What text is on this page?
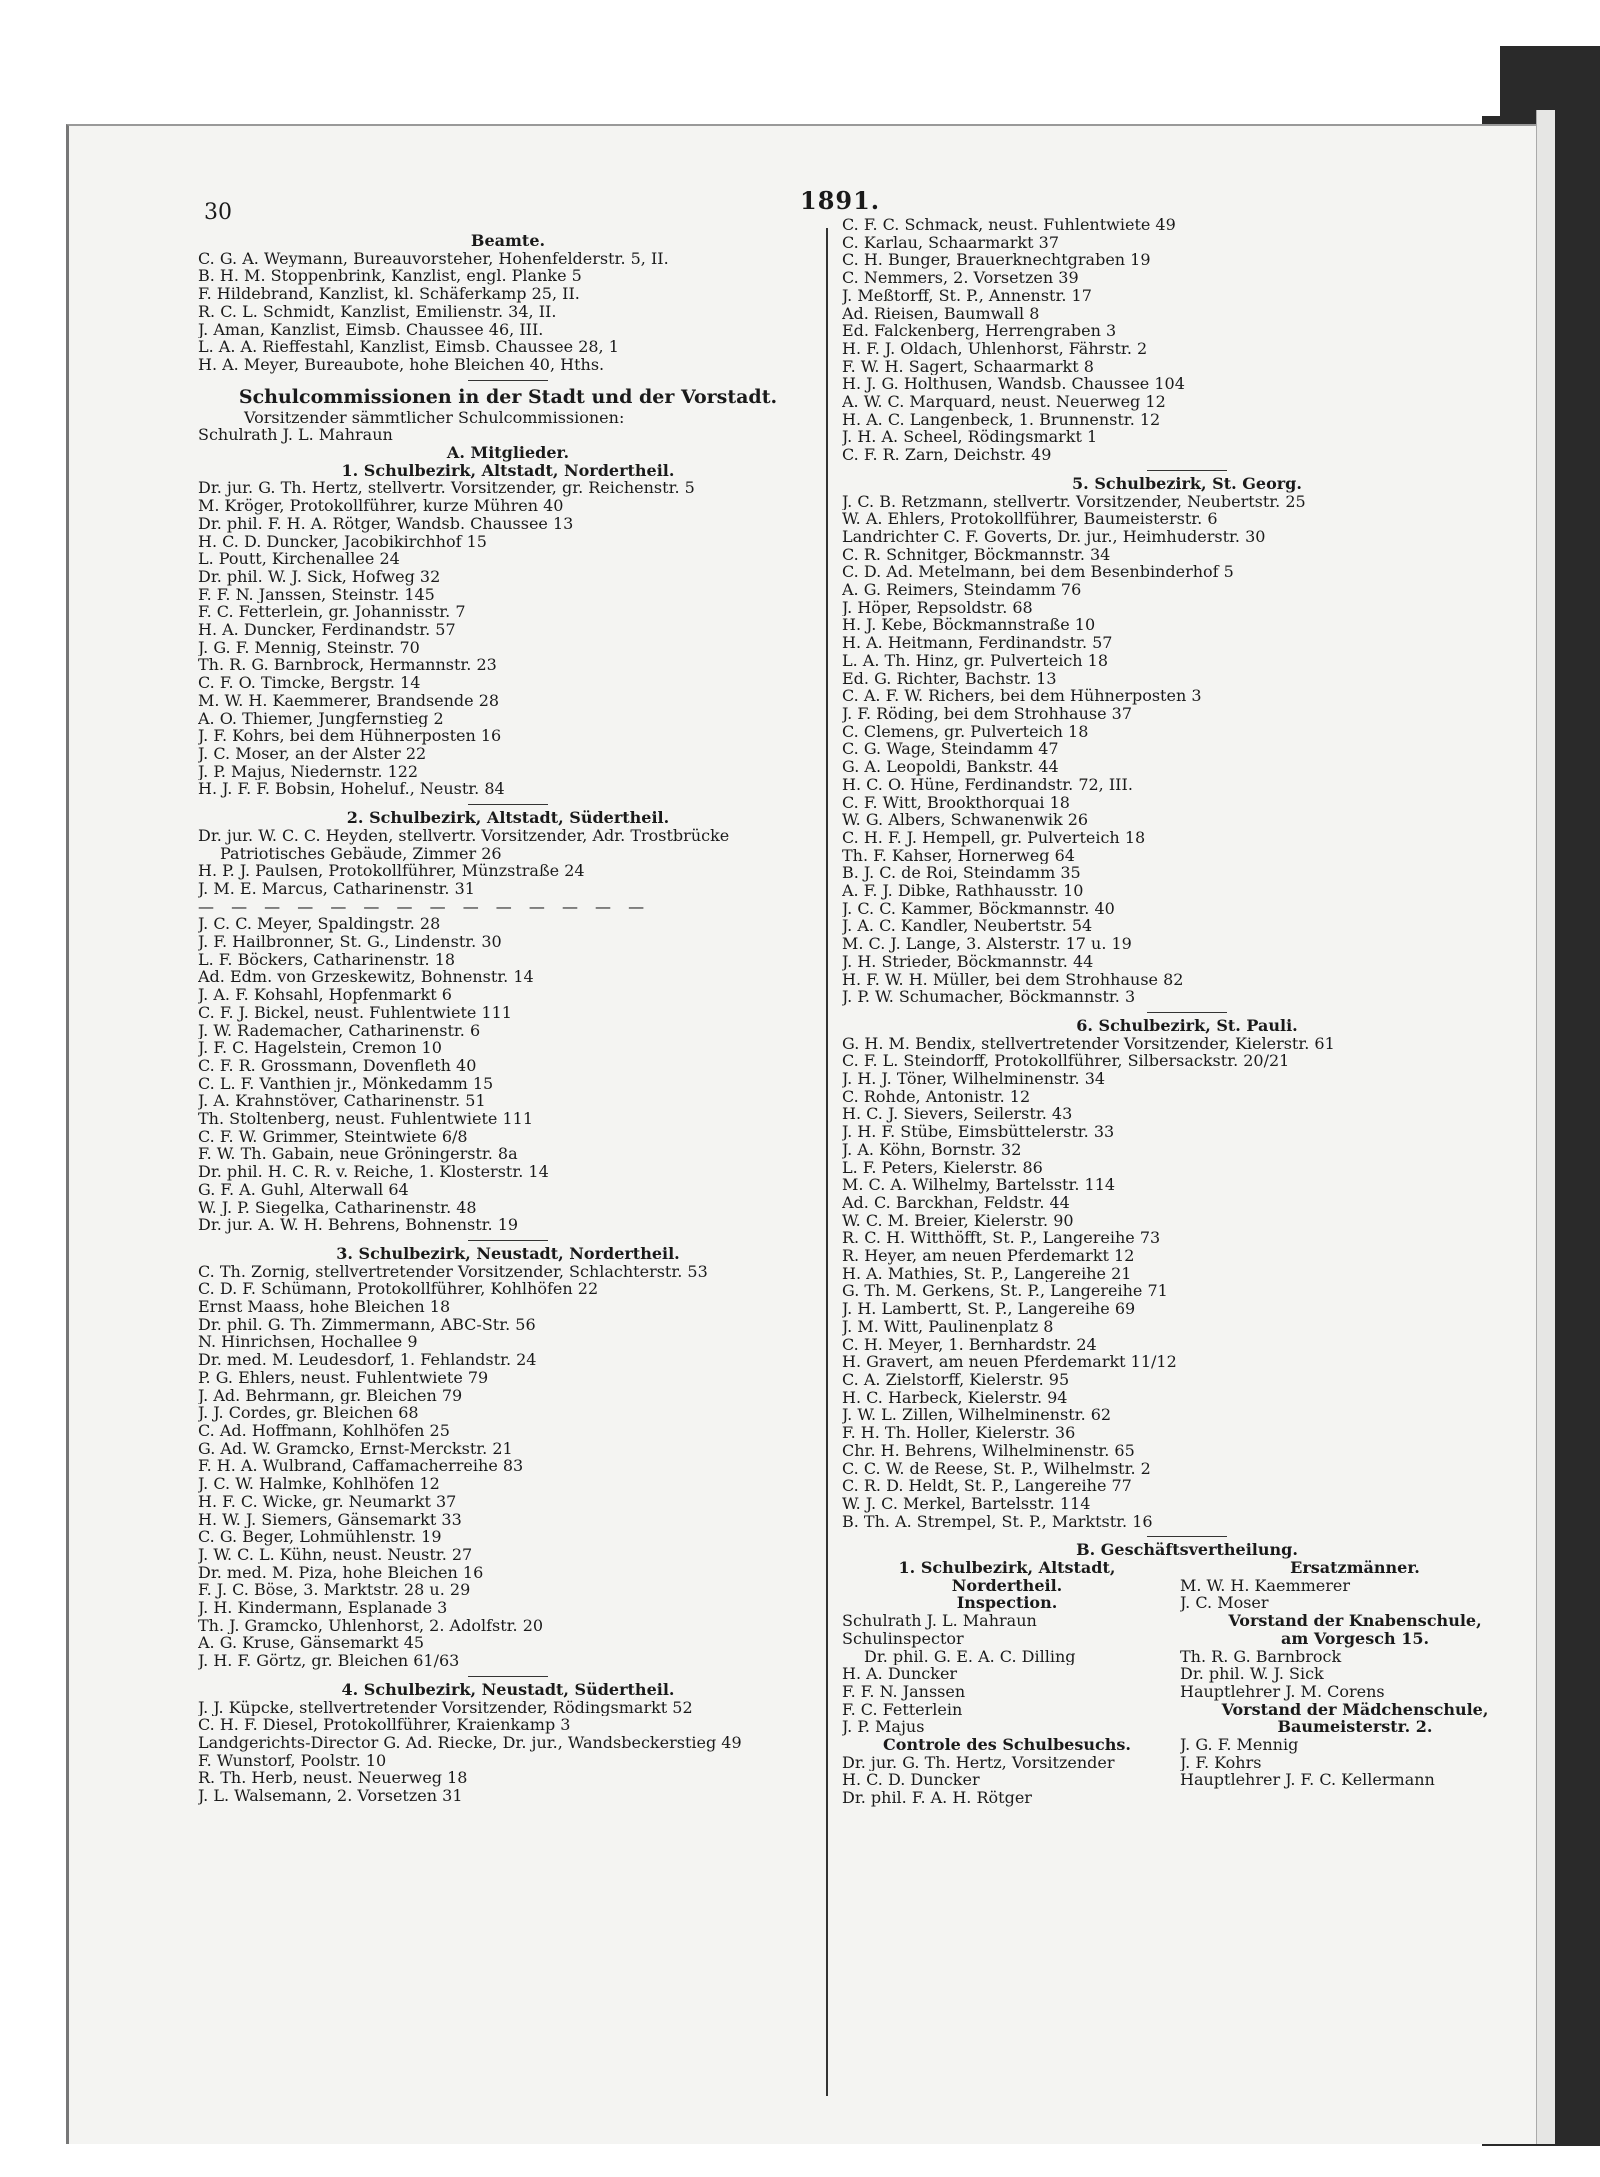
30	1891.
Beamte.
C. G. A. Weymann, Bureauvorsteher, Hohenfelderstr. 5, II.
B. H. M. Stoppenbrink, Kanzlist, engl. Planke 5
F. Hildebrand, Kanzlist, kl. Schäferkamp 25, II.
R. C. L. Schmidt, Kanzlist, Emilienstr. 34, II.
J. Aman, Kanzlist, Eimsb. Chaussee 46, III.
L. A. A. Rieffestahl, Kanzlist, Eimsb. Chaussee 28, 1
H. A. Meyer, Bureaubote, hohe Bleichen 40, Hths.
Schulcommissionen in der Stadt und der Vorstadt.
Vorsitzender sämmtlicher Schulcommissionen:
Schulrath J. L. Mahraun
A. Mitglieder.
1. Schulbezirk, Altstadt, Nordertheil.
Dr. jur. G. Th. Hertz, stellvertr. Vorsitzender, gr. Reichenstr. 5
M. Kröger, Protokollführer, kurze Mühren 40
Dr. phil. F. H. A. Rötger, Wandsb. Chaussee 13
H. C. D. Duncker, Jacobikirchhof 15
L. Poutt, Kirchenallee 24
Dr. phil. W. J. Sick, Hofweg 32
F. F. N. Janssen, Steinstr. 145
F. C. Fetterlein, gr. Johannisstr. 7
H. A. Duncker, Ferdinandstr. 57
J. G. F. Mennig, Steinstr. 70
Th. R. G. Barnbrock, Hermannstr. 23
C. F. O. Timcke, Bergstr. 14
M. W. H. Kaemmerer, Brandsende 28
A. O. Thiemer, Jungfernstieg 2
J. F. Kohrs, bei dem Hühnerposten 16
J. C. Moser, an der Alster 22
J. P. Majus, Niedernstr. 122
H. J. F. F. Bobsin, Hoheluf., Neustr. 84
2. Schulbezirk, Altstadt, Südertheil.
Dr. jur. W. C. C. Heyden, stellvertr. Vorsitzender, Adr. Trostbrücke
Patriotisches Gebäude, Zimmer 26
H. P. J. Paulsen, Protokollführer, Münzstraße 24
J. M. E. Marcus, Catharinenstr. 31
— — — — — — — — — — — — — —
J. C. C. Meyer, Spaldingstr. 28
J. F. Hailbronner, St. G., Lindenstr. 30
L. F. Böckers, Catharinenstr. 18
Ad. Edm. von Grzeskewitz, Bohnenstr. 14
J. A. F. Kohsahl, Hopfenmarkt 6
C. F. J. Bickel, neust. Fuhlentwiete 111
J. W. Rademacher, Catharinenstr. 6
J. F. C. Hagelstein, Cremon 10
C. F. R. Grossmann, Dovenfleth 40
C. L. F. Vanthien jr., Mönkedamm 15
J. A. Krahnstöver, Catharinenstr. 51
Th. Stoltenberg, neust. Fuhlentwiete 111
C. F. W. Grimmer, Steintwiete 6/8
F. W. Th. Gabain, neue Gröningerstr. 8a
Dr. phil. H. C. R. v. Reiche, 1. Klosterstr. 14
G. F. A. Guhl, Alterwall 64
W. J. P. Siegelka, Catharinenstr. 48
Dr. jur. A. W. H. Behrens, Bohnenstr. 19
3. Schulbezirk, Neustadt, Nordertheil.
C. Th. Zornig, stellvertretender Vorsitzender, Schlachterstr. 53
C. D. F. Schümann, Protokollführer, Kohlhöfen 22
Ernst Maass, hohe Bleichen 18
Dr. phil. G. Th. Zimmermann, ABC-Str. 56
N. Hinrichsen, Hochallee 9
Dr. med. M. Leudesdorf, 1. Fehlandstr. 24
P. G. Ehlers, neust. Fuhlentwiete 79
J. Ad. Behrmann, gr. Bleichen 79
J. J. Cordes, gr. Bleichen 68
C. Ad. Hoffmann, Kohlhöfen 25
G. Ad. W. Gramcko, Ernst-Merckstr. 21
F. H. A. Wulbrand, Caffamacherreihe 83
J. C. W. Halmke, Kohlhöfen 12
H. F. C. Wicke, gr. Neumarkt 37
H. W. J. Siemers, Gänsemarkt 33
C. G. Beger, Lohmühlenstr. 19
J. W. C. L. Kühn, neust. Neustr. 27
Dr. med. M. Piza, hohe Bleichen 16
F. J. C. Böse, 3. Marktstr. 28 u. 29
J. H. Kindermann, Esplanade 3
Th. J. Gramcko, Uhlenhorst, 2. Adolfstr. 20
A. G. Kruse, Gänsemarkt 45
J. H. F. Görtz, gr. Bleichen 61/63
4. Schulbezirk, Neustadt, Südertheil.
J. J. Küpcke, stellvertretender Vorsitzender, Rödingsmarkt 52
C. H. F. Diesel, Protokollführer, Kraienkamp 3
Landgerichts-Director G. Ad. Riecke, Dr. jur., Wandsbeckerstieg 49
F. Wunstorf, Poolstr. 10
R. Th. Herb, neust. Neuerweg 18
J. L. Walsemann, 2. Vorsetzen 31
C. F. C. Schmack, neust. Fuhlentwiete 49
C. Karlau, Schaarmarkt 37
C. H. Bunger, Brauerknechtgraben 19
C. Nemmers, 2. Vorsetzen 39
J. Meßtorff, St. P., Annenstr. 17
Ad. Rieisen, Baumwall 8
Ed. Falckenberg, Herrengraben 3
H. F. J. Oldach, Uhlenhorst, Fährstr. 2
F. W. H. Sagert, Schaarmarkt 8
H. J. G. Holthusen, Wandsb. Chaussee 104
A. W. C. Marquard, neust. Neuerweg 12
H. A. C. Langenbeck, 1. Brunnenstr. 12
J. H. A. Scheel, Rödingsmarkt 1
C. F. R. Zarn, Deichstr. 49
5. Schulbezirk, St. Georg.
J. C. B. Retzmann, stellvertr. Vorsitzender, Neubertstr. 25
W. A. Ehlers, Protokollführer, Baumeisterstr. 6
Landrichter C. F. Goverts, Dr. jur., Heimhuderstr. 30
C. R. Schnitger, Böckmannstr. 34
C. D. Ad. Metelmann, bei dem Besenbinderhof 5
A. G. Reimers, Steindamm 76
J. Höper, Repsoldstr. 68
H. J. Kebe, Böckmannstraße 10
H. A. Heitmann, Ferdinandstr. 57
L. A. Th. Hinz, gr. Pulverteich 18
Ed. G. Richter, Bachstr. 13
C. A. F. W. Richers, bei dem Hühnerposten 3
J. F. Röding, bei dem Strohhause 37
C. Clemens, gr. Pulverteich 18
C. G. Wage, Steindamm 47
G. A. Leopoldi, Bankstr. 44
H. C. O. Hüne, Ferdinandstr. 72, III.
C. F. Witt, Brookthorquai 18
W. G. Albers, Schwanenwik 26
C. H. F. J. Hempell, gr. Pulverteich 18
Th. F. Kahser, Hornerweg 64
B. J. C. de Roi, Steindamm 35
A. F. J. Dibke, Rathhausstr. 10
J. C. C. Kammer, Böckmannstr. 40
J. A. C. Kandler, Neubertstr. 54
M. C. J. Lange, 3. Alsterstr. 17 u. 19
J. H. Strieder, Böckmannstr. 44
H. F. W. H. Müller, bei dem Strohhause 82
J. P. W. Schumacher, Böckmannstr. 3
6. Schulbezirk, St. Pauli.
G. H. M. Bendix, stellvertretender Vorsitzender, Kielerstr. 61
C. F. L. Steindorff, Protokollführer, Silbersackstr. 20/21
J. H. J. Töner, Wilhelminenstr. 34
C. Rohde, Antonistr. 12
H. C. J. Sievers, Seilerstr. 43
J. H. F. Stübe, Eimsbüttelerstr. 33
J. A. Köhn, Bornstr. 32
L. F. Peters, Kielerstr. 86
M. C. A. Wilhelmy, Bartelsstr. 114
Ad. C. Barckhan, Feldstr. 44
W. C. M. Breier, Kielerstr. 90
R. C. H. Witthöfft, St. P., Langereihe 73
R. Heyer, am neuen Pferdemarkt 12
H. A. Mathies, St. P., Langereihe 21
G. Th. M. Gerkens, St. P., Langereihe 71
J. H. Lambertt, St. P., Langereihe 69
J. M. Witt, Paulinenplatz 8
C. H. Meyer, 1. Bernhardstr. 24
H. Gravert, am neuen Pferdemarkt 11/12
C. A. Zielstorff, Kielerstr. 95
H. C. Harbeck, Kielerstr. 94
J. W. L. Zillen, Wilhelminenstr. 62
F. H. Th. Holler, Kielerstr. 36
Chr. H. Behrens, Wilhelminenstr. 65
C. C. W. de Reese, St. P., Wilhelmstr. 2
C. R. D. Heldt, St. P., Langereihe 77
W. J. C. Merkel, Bartelsstr. 114
B. Th. A. Strempel, St. P., Marktstr. 16
B. Geschäftsvertheilung.
1. Schulbezirk, Altstadt,
Nordertheil.
Inspection.
Schulrath J. L. Mahraun
Schulinspector
Dr. phil. G. E. A. C. Dilling
H. A. Duncker
F. F. N. Janssen
F. C. Fetterlein
J. P. Majus
Controle des Schulbesuchs.
Dr. jur. G. Th. Hertz, Vorsitzender
H. C. D. Duncker
Dr. phil. F. A. H. Rötger
Ersatzmänner.
M. W. H. Kaemmerer
J. C. Moser
Vorstand der Knabenschule,
am Vorgesch 15.
Th. R. G. Barnbrock
Dr. phil. W. J. Sick
Hauptlehrer J. M. Corens
Vorstand der Mädchenschule,
Baumeisterstr. 2.
J. G. F. Mennig
J. F. Kohrs
Hauptlehrer J. F. C. Kellermann
